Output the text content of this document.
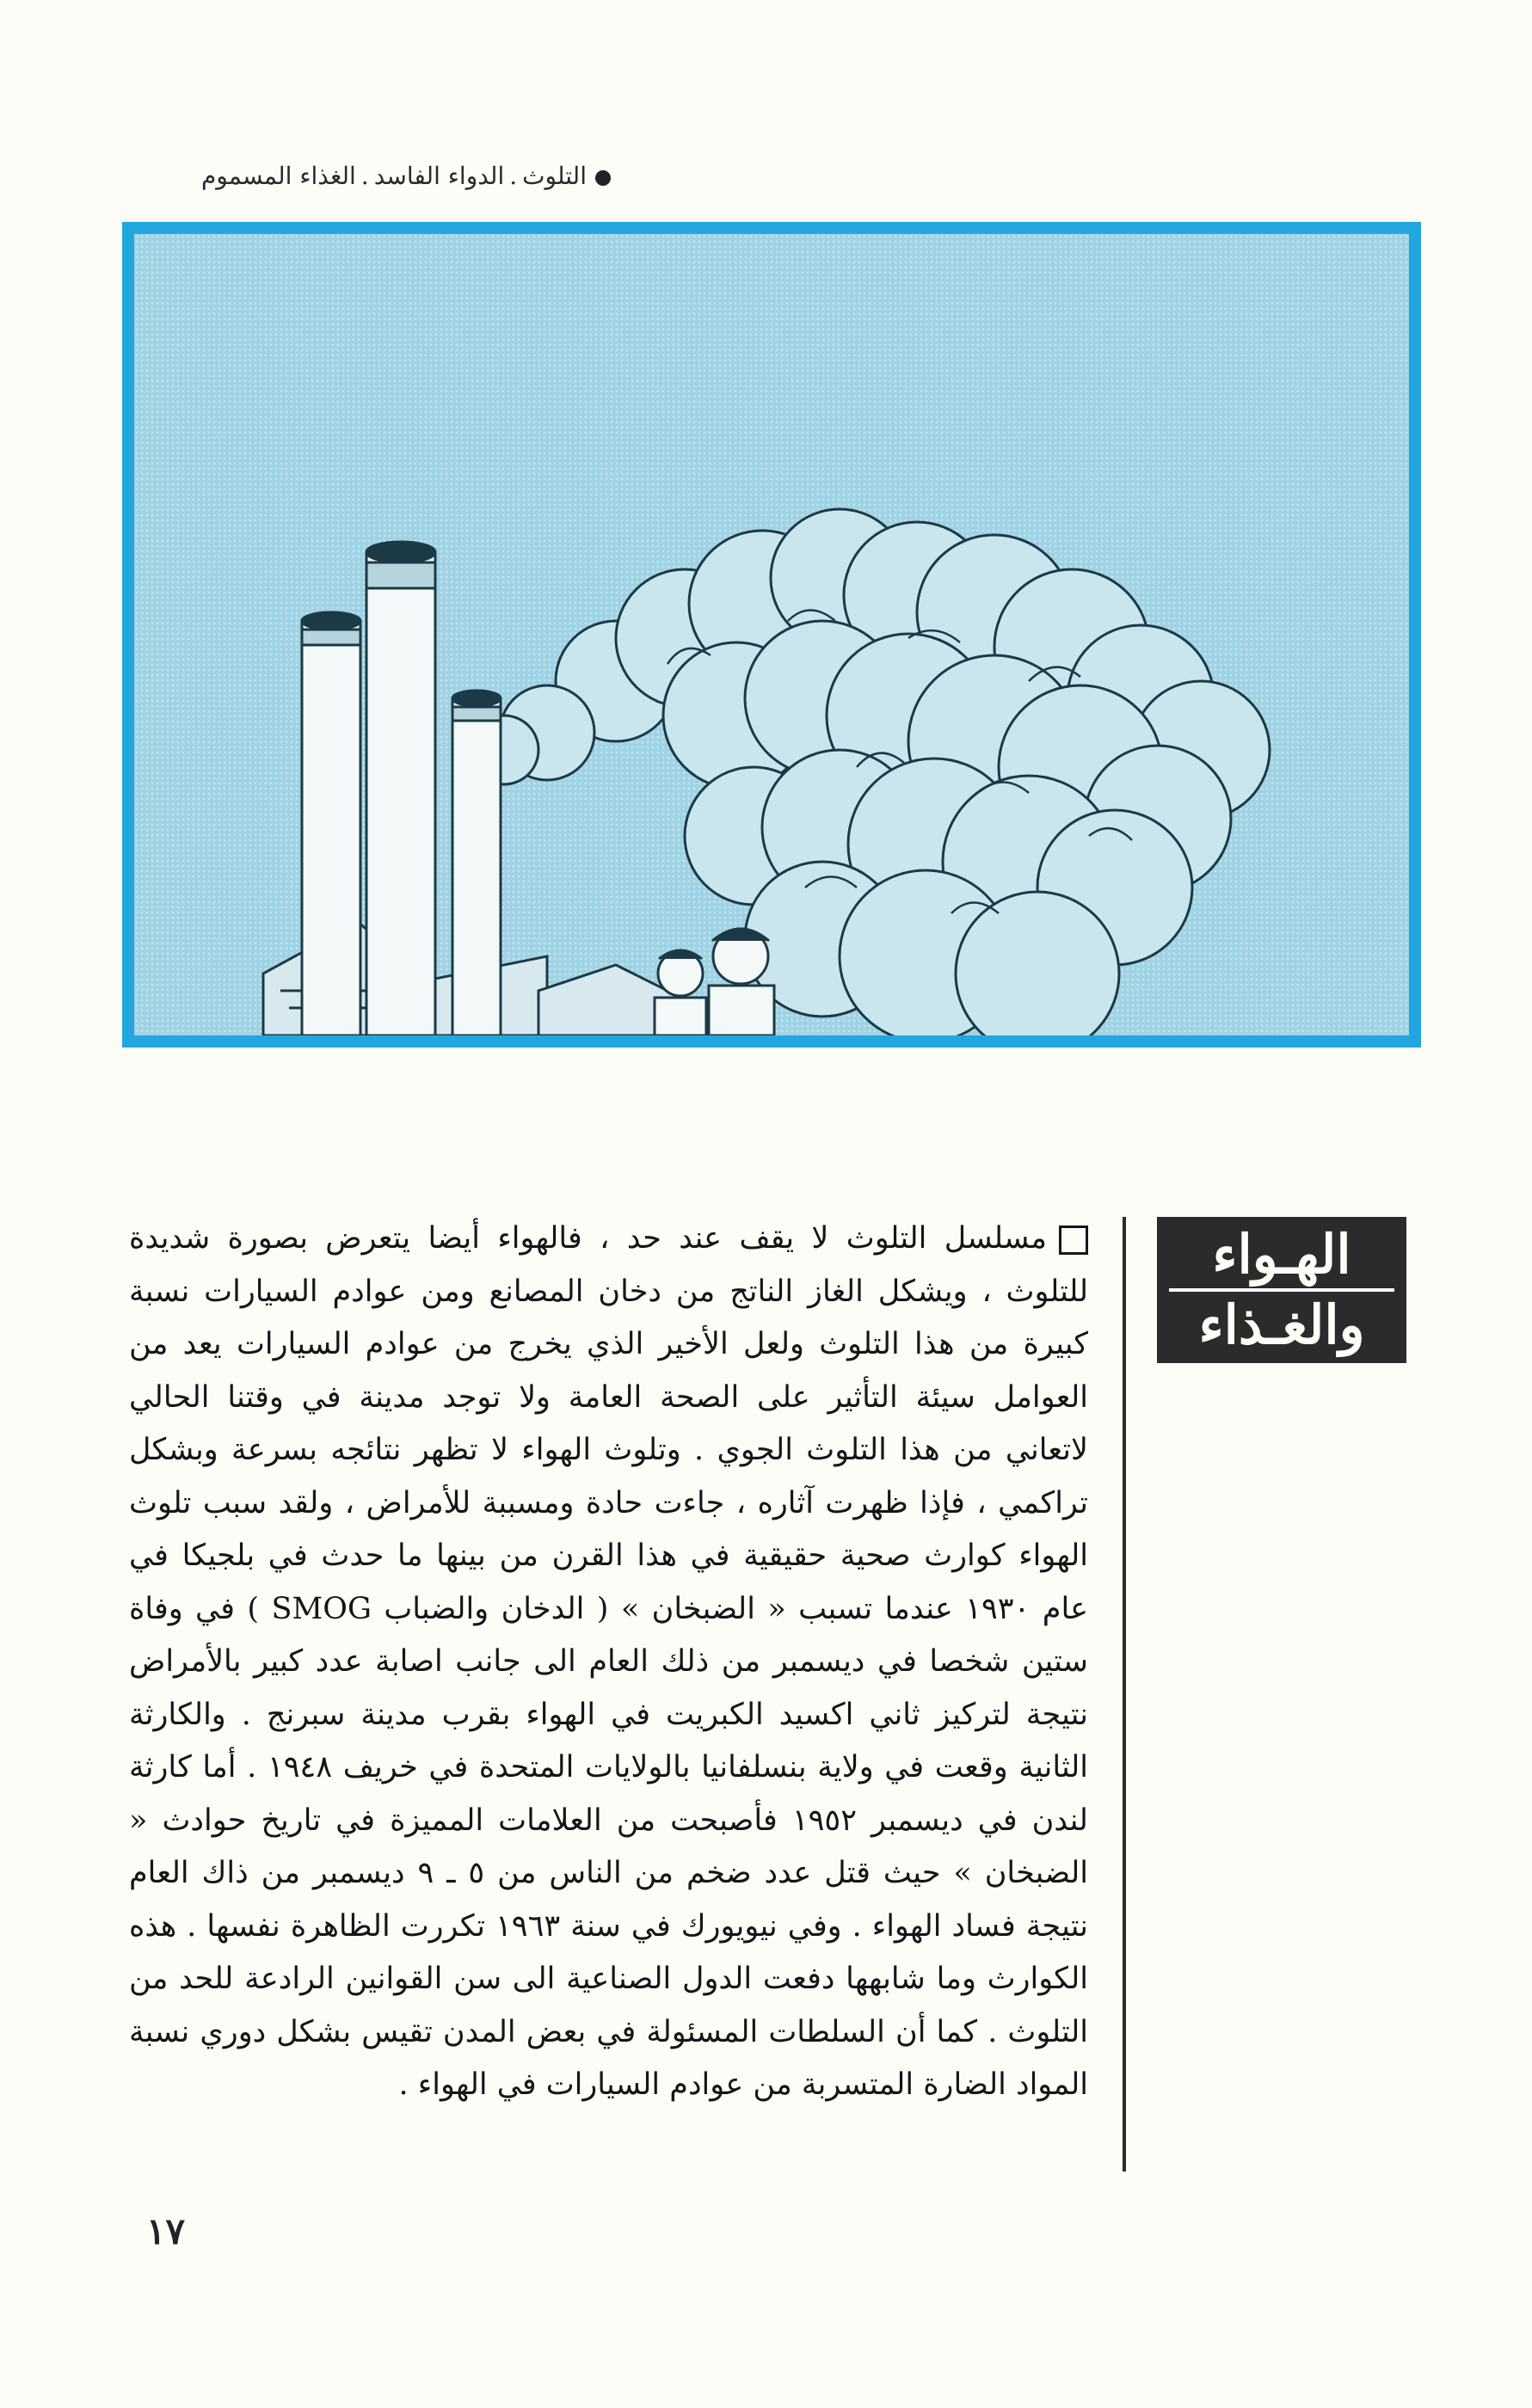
التلوث.الدواء الفاسد.الغذاء المسموم
الهـواء
والغـذاء
مسلسل التلوث لا يقف عند حد ، فالهواء أيضا يتعرض بصورة شديدة للتلوث ، ويشكل الغاز الناتج من دخان المصانع ومن عوادم السيارات نسبة كبيرة من هذا التلوث ولعل الأخير الذي يخرج من عوادم السيارات يعد من العوامل سيئة التأثير على الصحة العامة ولا توجد مدينة في وقتنا الحالي لاتعاني من هذا التلوث الجوي . وتلوث الهواء لا تظهر نتائجه بسرعة وبشكل تراكمي ، فإذا ظهرت آثاره ، جاءت حادة ومسببة للأمراض ، ولقد سبب تلوث الهواء كوارث صحية حقيقية في هذا القرن من بينها ما حدث في بلجيكا في عام ١٩٣٠ عندما تسبب « الضبخان » ( الدخان والضباب SMOG ) في وفاة ستين شخصا في ديسمبر من ذلك العام الى جانب اصابة عدد كبير بالأمراض نتيجة لتركيز ثاني اكسيد الكبريت في الهواء بقرب مدينة سبرنج . والكارثة الثانية وقعت في ولاية بنسلفانيا بالولايات المتحدة في خريف ١٩٤٨ . أما كارثة لندن في ديسمبر ١٩٥٢ فأصبحت من العلامات المميزة في تاريخ حوادث « الضبخان » حيث قتل عدد ضخم من الناس من ٥ ـ ٩ ديسمبر من ذاك العام نتيجة فساد الهواء . وفي نيويورك في سنة ١٩٦٣ تكررت الظاهرة نفسها . هذه الكوارث وما شابهها دفعت الدول الصناعية الى سن القوانين الرادعة للحد من التلوث . كما أن السلطات المسئولة في بعض المدن تقيس بشكل دوري نسبة المواد الضارة المتسربة من عوادم السيارات في الهواء .
١٧
